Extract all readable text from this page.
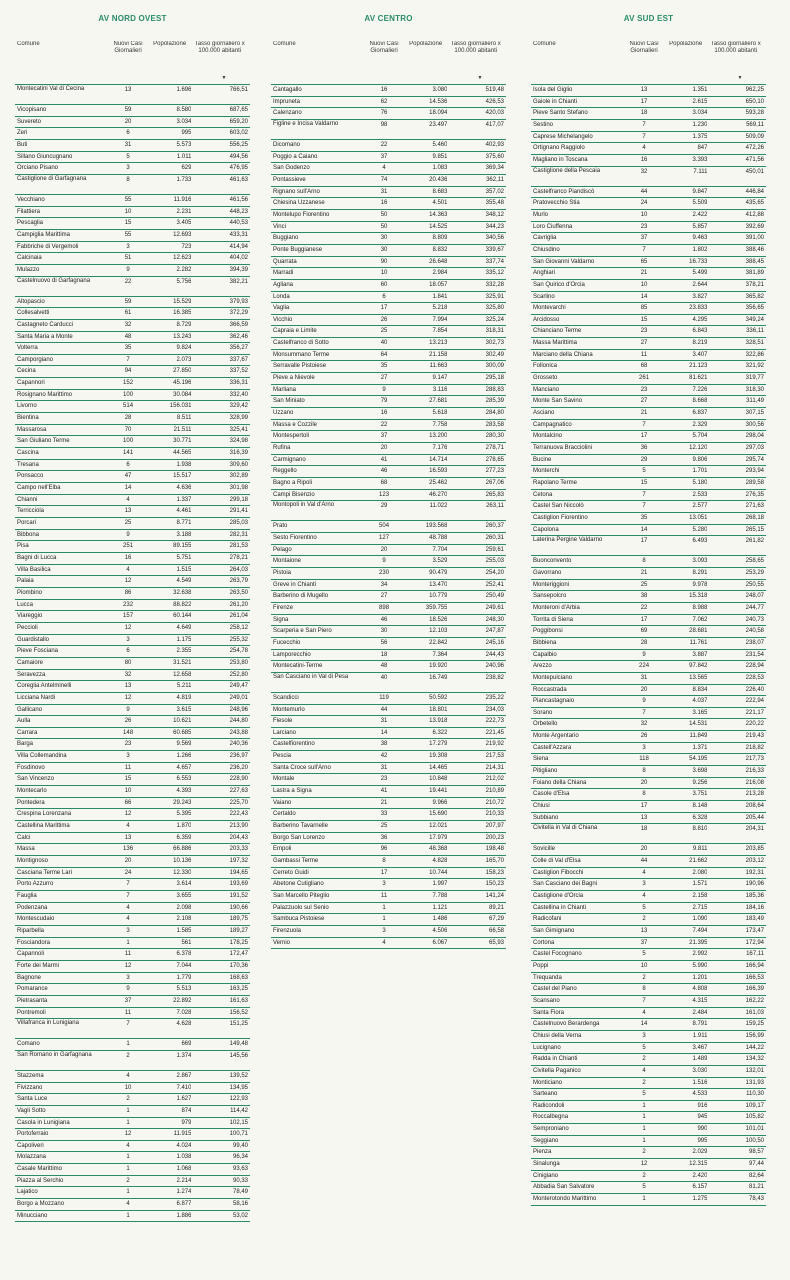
AV NORD OVEST
Comune	Nuovi Casi Giornalieri
Popolazione	Tasso giornaliero x 100.000 abitanti
▼
Montecatini Val di Cecina	13	1.696	766,51
Vicopisano	59	8.580	687,65
Suvereto	20	3.034	659,20
Zeri	6	995	603,02
Buti	31	5.573	556,25
Sillano Giuncugnano	5	1.011	494,56
Orciano Pisano	3	629	476,95
Castiglione di Garfagnana	8	1.733	461,63
Vecchiano	55	11.916	461,56
Filattiera	10	2.231	448,23
Pescaglia	15	3.405	440,53
Campiglia Marittima	55	12.693	433,31
Fabbriche di Vergemoli	3	723	414,94
Calcinaia	51	12.623	404,02
Mulazzo	9	2.282	394,39
Castelnuovo di Garfagnana	22	5.756	382,21
Altopascio	59	15.529	379,93
Collesalvetti	61	16.385	372,29
Castagneto Carducci	32	8.729	366,59
Santa Maria a Monte	48	13.243	362,46
Volterra	35	9.824	356,27
Camporgiano	7	2.073	337,67
Cecina	94	27.850	337,52
Capannori	152	45.196	336,31
Rosignano Marittimo	100	30.084	332,40
Livorno	514	156.031	329,42
Bientina	28	8.511	328,99
Massarosa	70	21.511	325,41
San Giuliano Terme	100	30.771	324,98
Cascina	141	44.565	316,39
Tresana	6	1.938	309,60
Ponsacco	47	15.517	302,89
Campo nell'Elba	14	4.636	301,98
Chianni	4	1.337	299,18
Terricciola	13	4.461	291,41
Porcari	25	8.771	285,03
Bibbona	9	3.188	282,31
Pisa	251	89.155	281,53
Bagni di Lucca	16	5.751	278,21
Villa Basilica	4	1.515	264,03
Palaia	12	4.549	263,79
Piombino	86	32.638	263,50
Lucca	232	88.822	261,20
Viareggio	157	60.144	261,04
Peccioli	12	4.649	258,12
Guardistallo	3	1.175	255,32
Pieve Fosciana	6	2.355	254,78
Camaiore	80	31.521	253,80
Seravezza	32	12.658	252,80
Coreglia Antelminelli	13	5.211	249,47
Licciana Nardi	12	4.819	249,01
Gallicano	9	3.615	248,96
Aulla	26	10.621	244,80
Carrara	148	60.685	243,88
Barga	23	9.569	240,36
Villa Collemandina	3	1.266	236,97
Fosdinovo	11	4.657	236,20
San Vincenzo	15	6.553	228,90
Montecarlo	10	4.393	227,63
Pontedera	66	29.243	225,70
Crespina Lorenzana	12	5.395	222,43
Castellina Marittima	4	1.870	213,90
Calci	13	6.359	204,43
Massa	136	66.886	203,33
Montignoso	20	10.136	197,32
Casciana Terme Lari	24	12.330	194,65
Porto Azzurro	7	3.614	193,69
Fauglia	7	3.655	191,52
Podenzana	4	2.098	190,66
Montescudaio	4	2.108	189,75
Riparbella	3	1.585	189,27
Fosciandora	1	561	178,25
Capannoli	11	6.378	172,47
Forte dei Marmi	12	7.044	170,36
Bagnone	3	1.779	168,63
Pomarance	9	5.513	163,25
Pietrasanta	37	22.892	161,63
Pontremoli	11	7.028	156,52
Villafranca in Lunigiana	7	4.628	151,25
Comano	1	669	149,48
San Romano in Garfagnana	2	1.374	145,56
Stazzema	4	2.867	139,52
Fivizzano	10	7.410	134,95
Santa Luce	2	1.627	122,93
Vagli Sotto	1	874	114,42
Casola in Lunigiana	1	979	102,15
Portoferraio	12	11.915	100,71
Capoliveri	4	4.024	99,40
Molazzana	1	1.038	96,34
Casale Marittimo	1	1.068	93,63
Piazza al Serchio	2	2.214	90,33
Lajatico	1	1.274	78,49
Borgo a Mozzano	4	6.877	58,16
Minucciano	1	1.886	53,02
AV CENTRO
Comune	Nuovi Casi Giornalieri
Popolazione	Tasso giornaliero x 100.000 abitanti
▼
Cantagallo	16	3.080	519,48
Impruneta	62	14.536	426,53
Calenzano	76	18.094	420,03
Figline e Incisa Valdarno	98	23.497	417,07
Dicomano	22	5.460	402,93
Poggio a Caiano	37	9.851	375,60
San Godenzo	4	1.083	369,34
Pontassieve	74	20.436	362,11
Rignano sull'Arno	31	8.683	357,02
Chiesina Uzzanese	16	4.501	355,48
Montelupo Fiorentino	50	14.363	348,12
Vinci	50	14.525	344,23
Buggiano	30	8.809	340,56
Ponte Buggianese	30	8.832	339,67
Quarrata	90	26.648	337,74
Marradi	10	2.984	335,12
Agliana	60	18.057	332,28
Londa	6	1.841	325,91
Vaglia	17	5.218	325,80
Vicchio	26	7.994	325,24
Capraia e Limite	25	7.854	318,31
Castelfranco di Sotto	40	13.213	302,73
Monsummano Terme	64	21.158	302,49
Serravalle Pistoiese	35	11.663	300,09
Pieve a Nievole	27	9.147	295,18
Marliana	9	3.116	288,83
San Miniato	79	27.681	285,39
Uzzano	16	5.618	284,80
Massa e Cozzile	22	7.758	283,58
Montespertoli	37	13.200	280,30
Rufina	20	7.176	278,71
Carmignano	41	14.714	278,65
Reggello	46	16.593	277,23
Bagno a Ripoli	68	25.462	267,06
Campi Bisenzio	123	46.270	265,83
Montopoli in Val d'Arno	29	11.022	263,11
Prato	504	193.568	260,37
Sesto Fiorentino	127	48.788	260,31
Pelago	20	7.704	259,61
Montaione	9	3.529	255,03
Pistoia	230	90.479	254,20
Greve in Chianti	34	13.470	252,41
Barberino di Mugello	27	10.779	250,49
Firenze	898	359.755	249,61
Signa	46	18.526	248,30
Scarperia e San Piero	30	12.103	247,87
Fucecchio	56	22.842	245,16
Lamporecchio	18	7.364	244,43
Montecatini-Terme	48	19.920	240,96
San Casciano in Val di Pesa	40	16.749	238,82
Scandicci	119	50.592	235,22
Montemurlo	44	18.801	234,03
Fiesole	31	13.918	222,73
Larciano	14	6.322	221,45
Castelfiorentino	38	17.279	219,92
Pescia	42	19.308	217,53
Santa Croce sull'Arno	31	14.465	214,31
Montale	23	10.848	212,02
Lastra a Signa	41	19.441	210,89
Vaiano	21	9.966	210,72
Certaldo	33	15.690	210,33
Barberino Tavarnelle	25	12.021	207,97
Borgo San Lorenzo	36	17.979	200,23
Empoli	96	48.368	198,48
Gambassi Terme	8	4.828	165,70
Cerreto Guidi	17	10.744	158,23
Abetone Cutigliano	3	1.997	150,23
San Marcello Piteglio	11	7.788	141,24
Palazzuolo sul Senio	1	1.121	89,21
Sambuca Pistoiese	1	1.486	67,29
Firenzuola	3	4.506	66,58
Vernio	4	6.067	65,93
AV SUD EST
Comune	Nuovi Casi Giornalieri
Popolazione	Tasso giornaliero x 100.000 abitanti
▼
Isola del Giglio	13	1.351	962,25
Gaiole in Chianti	17	2.615	650,10
Pieve Santo Stefano	18	3.034	593,28
Sestino	7	1.230	569,11
Caprese Michelangelo	7	1.375	509,09
Ortignano Raggiolo	4	847	472,26
Magliano in Toscana	16	3.393	471,56
Castiglione della Pescaia	32	7.111	450,01
Castelfranco Piandiscò	44	9.847	446,84
Pratovecchio Stia	24	5.509	435,65
Murlo	10	2.422	412,88
Loro Ciuffenna	23	5.857	392,69
Cavriglia	37	9.463	391,00
Chiusdino	7	1.802	388,46
San Giovanni Valdarno	65	16.733	388,45
Anghiari	21	5.499	381,89
San Quirico d'Orcia	10	2.644	378,21
Scarlino	14	3.827	365,82
Montevarchi	85	23.833	356,65
Arcidosso	15	4.295	349,24
Chianciano Terme	23	6.843	336,11
Massa Marittima	27	8.219	328,51
Marciano della Chiana	11	3.407	322,86
Follonica	68	21.123	321,92
Grosseto	261	81.621	319,77
Manciano	23	7.226	318,30
Monte San Savino	27	8.668	311,49
Asciano	21	6.837	307,15
Campagnatico	7	2.329	300,56
Montalcino	17	5.704	298,04
Terranuova Bracciolini	36	12.120	297,03
Bucine	29	9.806	295,74
Monterchi	5	1.701	293,94
Rapolano Terme	15	5.180	289,58
Cetona	7	2.533	276,35
Castel San Niccolò	7	2.577	271,63
Castiglion Fiorentino	35	13.051	268,18
Capolona	14	5.280	265,15
Laterina Pergine Valdarno	17	6.493	261,82
Buonconvento	8	3.093	258,65
Gavorrano	21	8.291	253,29
Monteriggioni	25	9.978	250,55
Sansepolcro	38	15.318	248,07
Monteroni d'Arbia	22	8.988	244,77
Torrita di Siena	17	7.062	240,73
Poggibonsi	69	28.681	240,58
Bibbiena	28	11.761	238,07
Capalbio	9	3.887	231,54
Arezzo	224	97.842	228,94
Montepulciano	31	13.565	228,53
Roccastrada	20	8.834	226,40
Piancastagnaio	9	4.037	222,94
Sorano	7	3.165	221,17
Orbetello	32	14.531	220,22
Monte Argentario	26	11.849	219,43
Castell'Azzara	3	1.371	218,82
Siena	118	54.195	217,73
Pitigliano	8	3.698	216,33
Foiano della Chiana	20	9.256	216,08
Casole d'Elsa	8	3.751	213,28
Chiusi	17	8.148	208,64
Subbiano	13	6.328	205,44
Civitella in Val di Chiana	18	8.810	204,31
Sovicille	20	9.811	203,85
Colle di Val d'Elsa	44	21.662	203,12
Castiglion Fibocchi	4	2.080	192,31
San Casciano dei Bagni	3	1.571	190,96
Castiglione d'Orcia	4	2.158	185,36
Castellina in Chianti	5	2.715	184,16
Radicofani	2	1.090	183,49
San Gimignano	13	7.494	173,47
Cortona	37	21.395	172,94
Castel Focognano	5	2.992	167,11
Poppi	10	5.990	166,94
Trequanda	2	1.201	166,53
Castel del Piano	8	4.808	166,39
Scansano	7	4.315	162,22
Santa Fiora	4	2.484	161,03
Castelnuovo Berardenga	14	8.791	159,25
Chiusi della Verna	3	1.911	156,99
Lucignano	5	3.467	144,22
Radda in Chianti	2	1.489	134,32
Civitella Paganico	4	3.030	132,01
Monticiano	2	1.516	131,93
Sarteano	5	4.533	110,30
Radicondoli	1	916	109,17
Roccalbegna	1	945	105,82
Semproniano	1	990	101,01
Seggiano	1	995	100,50
Pienza	2	2.029	98,57
Sinalunga	12	12.315	97,44
Cinigiano	2	2.420	82,64
Abbadia San Salvatore	5	6.157	81,21
Monterotondo Marittimo	1	1.275	78,43
